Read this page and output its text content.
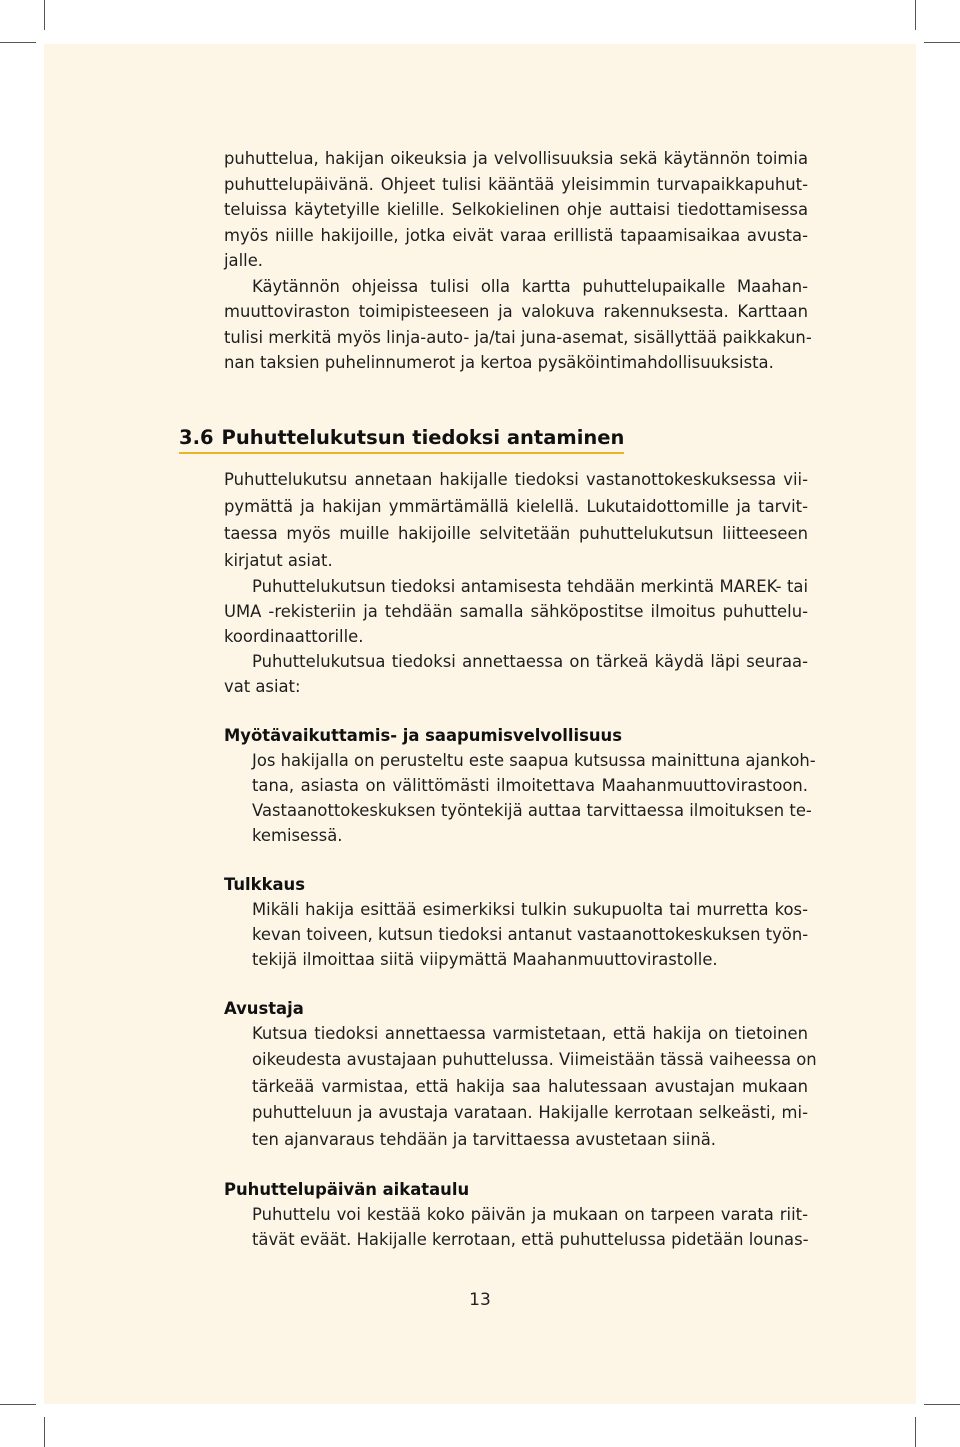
puhuttelua, hakijan oikeuksia ja velvollisuuksia sekä käytännön toimia
puhuttelupäivänä. Ohjeet tulisi kääntää yleisimmin turvapaikkapuhut-
teluissa käytetyille kielille. Selkokielinen ohje auttaisi tiedottamisessa
myös niille hakijoille, jotka eivät varaa erillistä tapaamisaikaa avusta-
jalle.
Käytännön ohjeissa tulisi olla kartta puhuttelupaikalle Maahan-
muuttoviraston toimipisteeseen ja valokuva rakennuksesta. Karttaan
tulisi merkitä myös linja-auto- ja/tai juna-asemat, sisällyttää paikkakun-
nan taksien puhelinnumerot ja kertoa pysäköintimahdollisuuksista.
3.6 Puhuttelukutsun tiedoksi antaminen
Puhuttelukutsu annetaan hakijalle tiedoksi vastanottokeskuksessa vii-
pymättä ja hakijan ymmärtämällä kielellä. Lukutaidottomille ja tarvit-
taessa myös muille hakijoille selvitetään puhuttelukutsun liitteeseen
kirjatut asiat.
Puhuttelukutsun tiedoksi antamisesta tehdään merkintä MAREK- tai
UMA -rekisteriin ja tehdään samalla sähköpostitse ilmoitus puhuttelu-
koordinaattorille.
Puhuttelukutsua tiedoksi annettaessa on tärkeä käydä läpi seuraa-
vat asiat:
Myötävaikuttamis- ja saapumisvelvollisuus
Jos hakijalla on perusteltu este saapua kutsussa mainittuna ajankoh-
tana, asiasta on välittömästi ilmoitettava Maahanmuuttovirastoon.
Vastaanottokeskuksen työntekijä auttaa tarvittaessa ilmoituksen te-
kemisessä.
Tulkkaus
Mikäli hakija esittää esimerkiksi tulkin sukupuolta tai murretta kos-
kevan toiveen, kutsun tiedoksi antanut vastaanottokeskuksen työn-
tekijä ilmoittaa siitä viipymättä Maahanmuuttovirastolle.
Avustaja
Kutsua tiedoksi annettaessa varmistetaan, että hakija on tietoinen
oikeudesta avustajaan puhuttelussa. Viimeistään tässä vaiheessa on
tärkeää varmistaa, että hakija saa halutessaan avustajan mukaan
puhutteluun ja avustaja varataan. Hakijalle kerrotaan selkeästi, mi-
ten ajanvaraus tehdään ja tarvittaessa avustetaan siinä.
Puhuttelupäivän aikataulu
Puhuttelu voi kestää koko päivän ja mukaan on tarpeen varata riit-
tävät eväät. Hakijalle kerrotaan, että puhuttelussa pidetään lounas-
13
